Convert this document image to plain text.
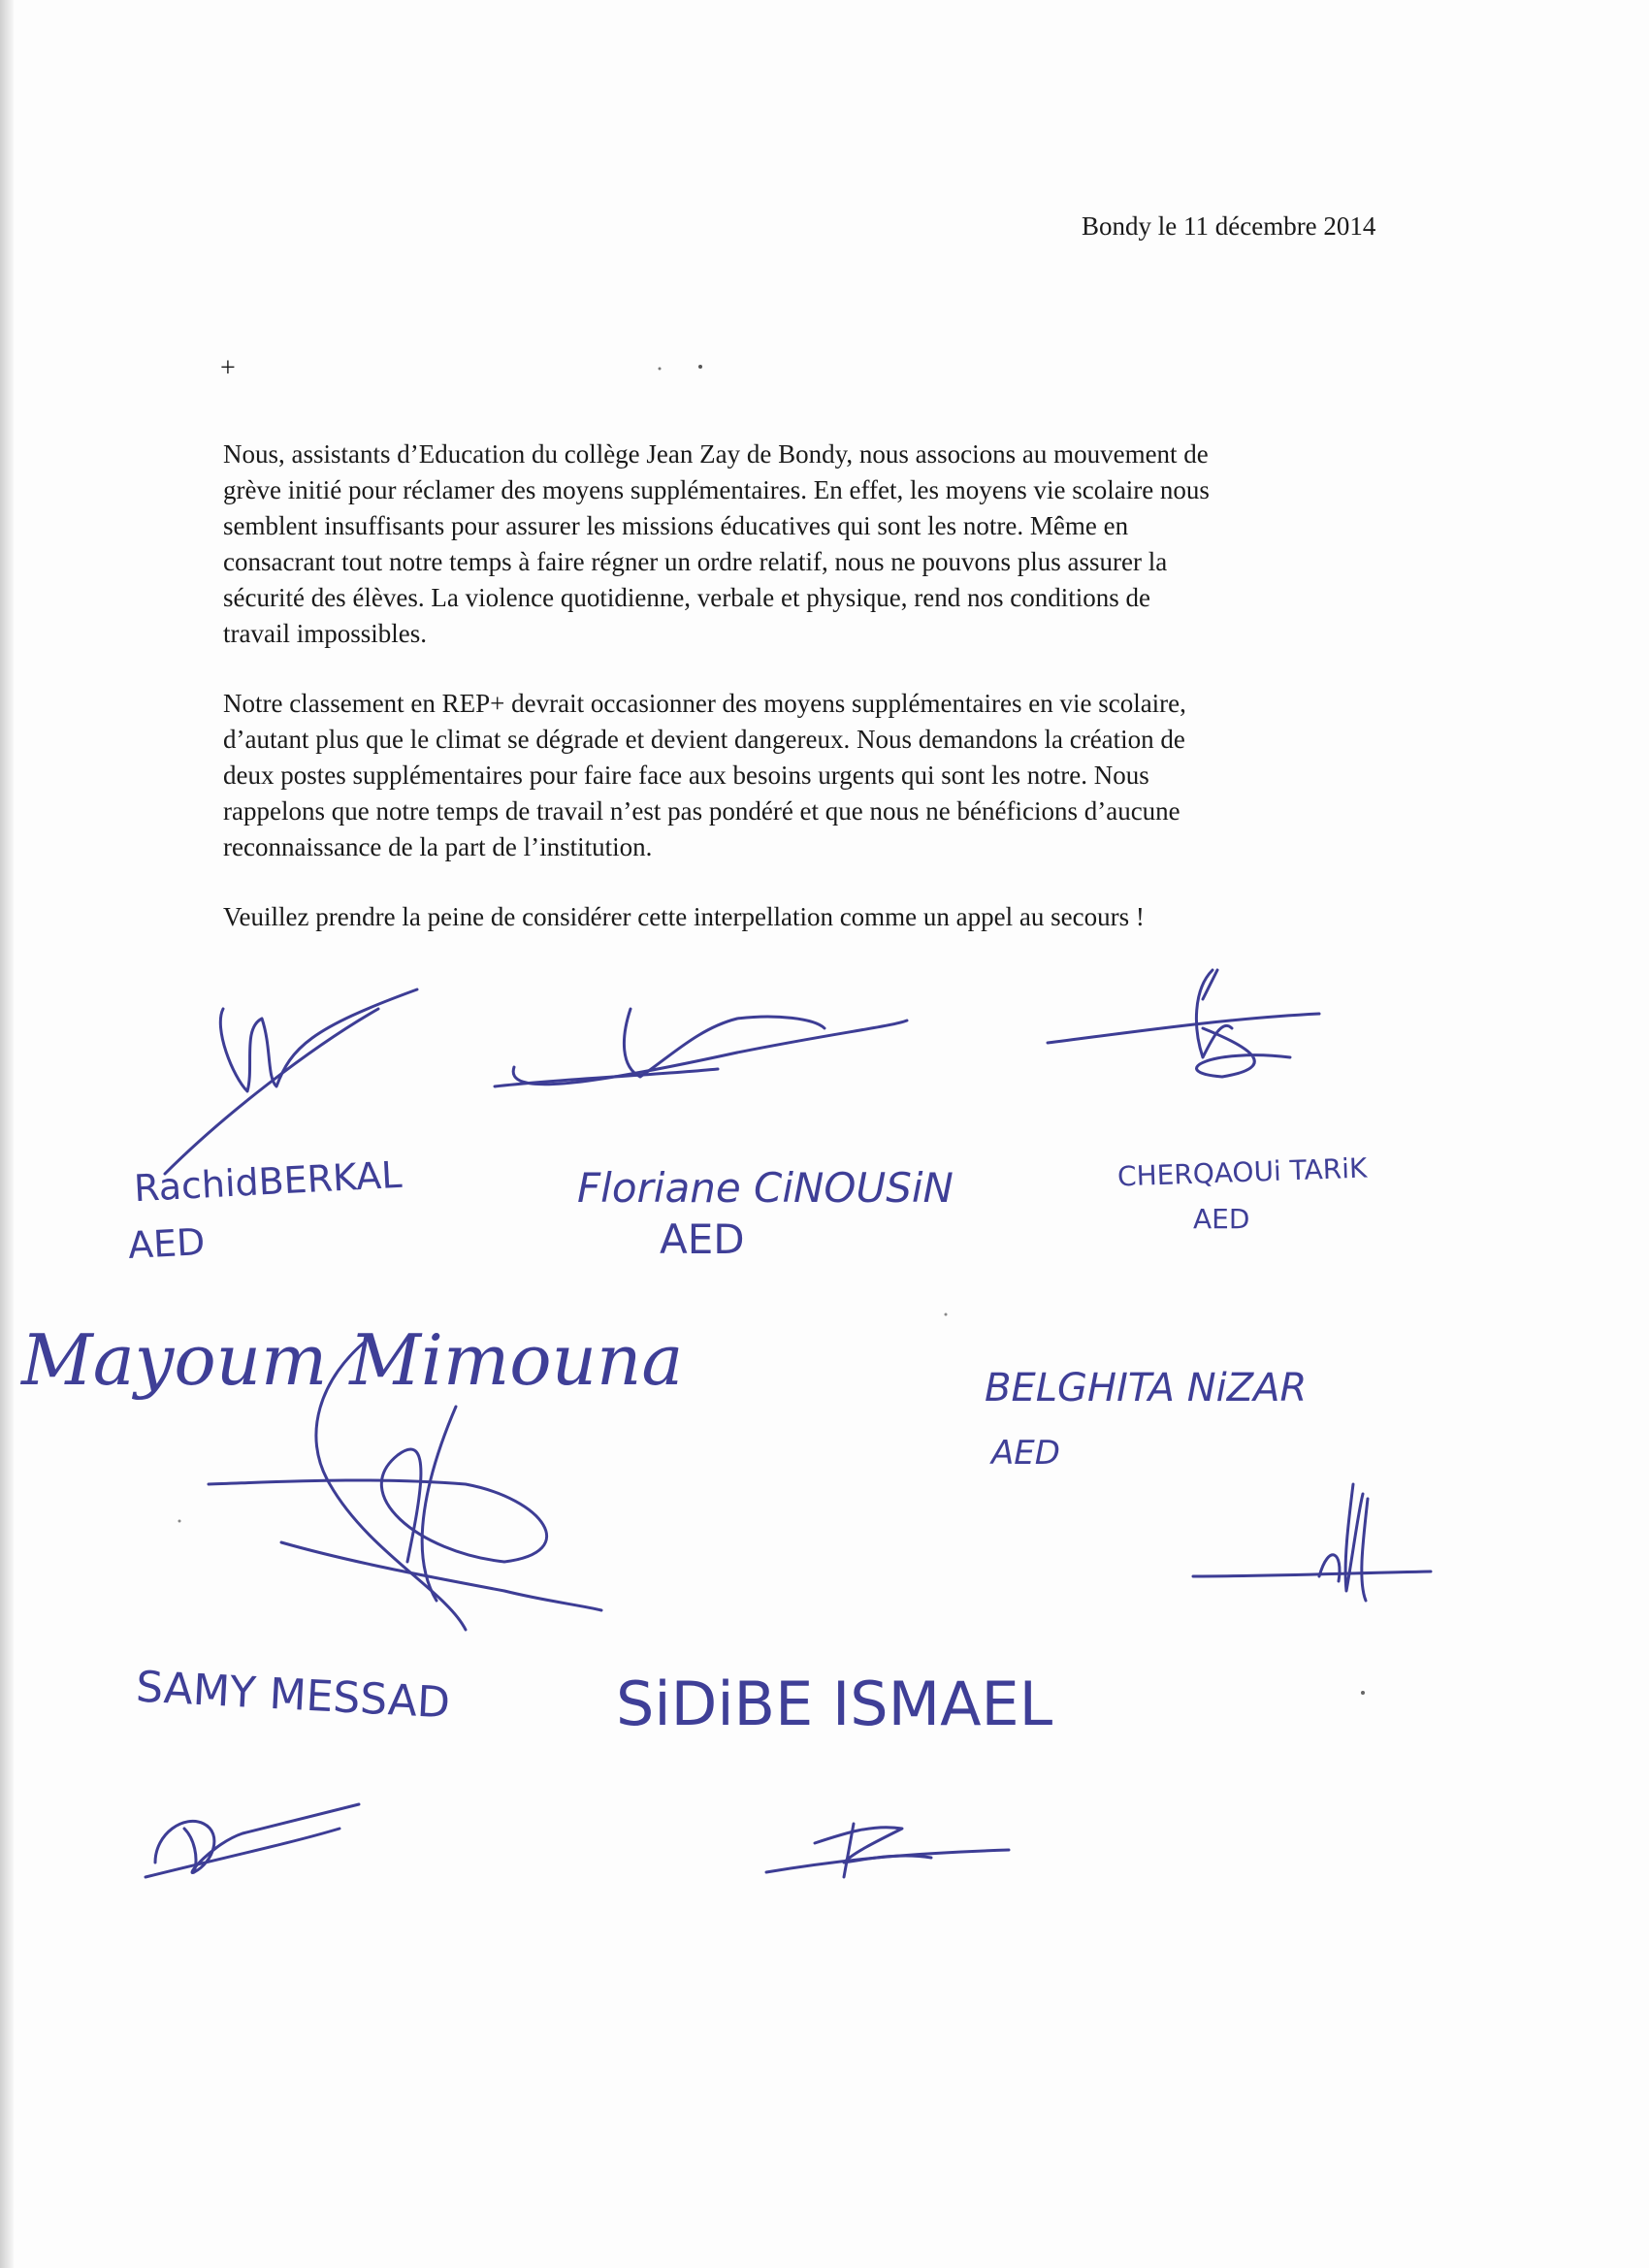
Bondy le 11 décembre 2014
+

Nous, assistants d’Education du collège Jean Zay de Bondy, nous associons au mouvement de
grève initié pour réclamer des moyens supplémentaires. En effet, les moyens vie scolaire nous
semblent insuffisants pour assurer les missions éducatives qui sont les notre. Même en
consacrant tout notre temps à faire régner un ordre relatif, nous ne pouvons plus assurer la
sécurité des élèves. La violence quotidienne, verbale et physique, rend nos conditions de
travail impossibles.

Notre classement en REP+ devrait occasionner des moyens supplémentaires en vie scolaire,
d’autant plus que le climat se dégrade et devient dangereux. Nous demandons la création de
deux postes supplémentaires pour faire face aux besoins urgents qui sont les notre. Nous
rappelons que notre temps de travail n’est pas pondéré et que nous ne bénéficions d’aucune
reconnaissance de la part de l’institution.

Veuillez prendre la peine de considérer cette interpellation comme un appel au secours !

RachidBERKAL
AED
Floriane CiNOUSiN
AED
CHERQAOUi TARiK
AED
Mayoum Mimouna	BELGHITA NiZAR
AED
SAMY MESSAD	SiDiBE ISMAEL
